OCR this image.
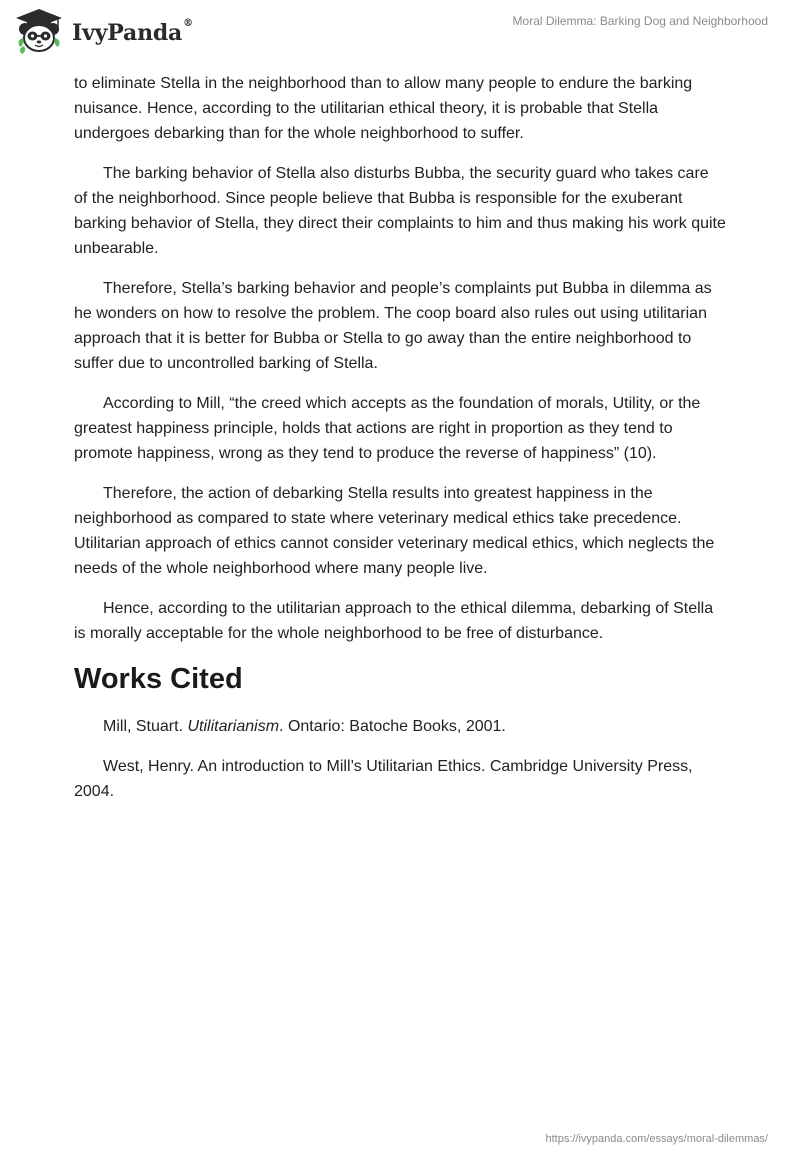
IvyPanda®	Moral Dilemma: Barking Dog and Neighborhood

to eliminate Stella in the neighborhood than to allow many people to endure the barking nuisance. Hence, according to the utilitarian ethical theory, it is probable that Stella undergoes debarking than for the whole neighborhood to suffer.

The barking behavior of Stella also disturbs Bubba, the security guard who takes care of the neighborhood. Since people believe that Bubba is responsible for the exuberant barking behavior of Stella, they direct their complaints to him and thus making his work quite unbearable.

Therefore, Stella’s barking behavior and people’s complaints put Bubba in dilemma as he wonders on how to resolve the problem. The coop board also rules out using utilitarian approach that it is better for Bubba or Stella to go away than the entire neighborhood to suffer due to uncontrolled barking of Stella.

According to Mill, “the creed which accepts as the foundation of morals, Utility, or the greatest happiness principle, holds that actions are right in proportion as they tend to promote happiness, wrong as they tend to produce the reverse of happiness” (10).

Therefore, the action of debarking Stella results into greatest happiness in the neighborhood as compared to state where veterinary medical ethics take precedence. Utilitarian approach of ethics cannot consider veterinary medical ethics, which neglects the needs of the whole neighborhood where many people live.

Hence, according to the utilitarian approach to the ethical dilemma, debarking of Stella is morally acceptable for the whole neighborhood to be free of disturbance.

Works Cited

Mill, Stuart. Utilitarianism. Ontario: Batoche Books, 2001.

West, Henry. An introduction to Mill’s Utilitarian Ethics. Cambridge University Press, 2004.

https://ivypanda.com/essays/moral-dilemmas/
